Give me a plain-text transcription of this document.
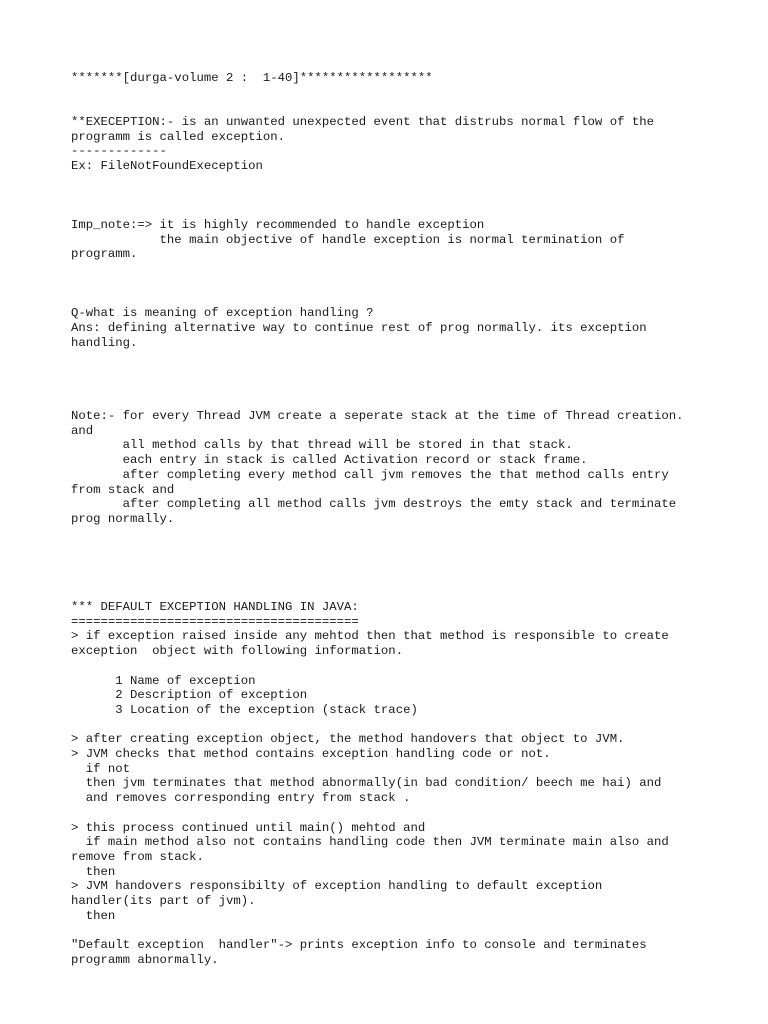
*******[durga-volume 2 :  1-40]******************
**EXECEPTION:- is an unwanted unexpected event that distrubs normal flow of the
programm is called exception.
-------------
Ex: FileNotFoundExeception
Imp_note:=> it is highly recommended to handle exception
the main objective of handle exception is normal termination of
programm.
Q-what is meaning of exception handling ?
Ans: defining alternative way to continue rest of prog normally. its exception
handling.
Note:- for every Thread JVM create a seperate stack at the time of Thread creation.
and
all method calls by that thread will be stored in that stack.
each entry in stack is called Activation record or stack frame.
after completing every method call jvm removes the that method calls entry
from stack and
after completing all method calls jvm destroys the emty stack and terminate
prog normally.
*** DEFAULT EXCEPTION HANDLING IN JAVA:
=======================================
> if exception raised inside any mehtod then that method is responsible to create
exception  object with following information.
1 Name of exception
2 Description of exception
3 Location of the exception (stack trace)
> after creating exception object, the method handovers that object to JVM.
> JVM checks that method contains exception handling code or not.
if not
then jvm terminates that method abnormally(in bad condition/ beech me hai) and
and removes corresponding entry from stack .
> this process continued until main() mehtod and
if main method also not contains handling code then JVM terminate main also and
remove from stack.
then
> JVM handovers responsibilty of exception handling to default exception
handler(its part of jvm).
then
"Default exception  handler"-> prints exception info to console and terminates
programm abnormally.
